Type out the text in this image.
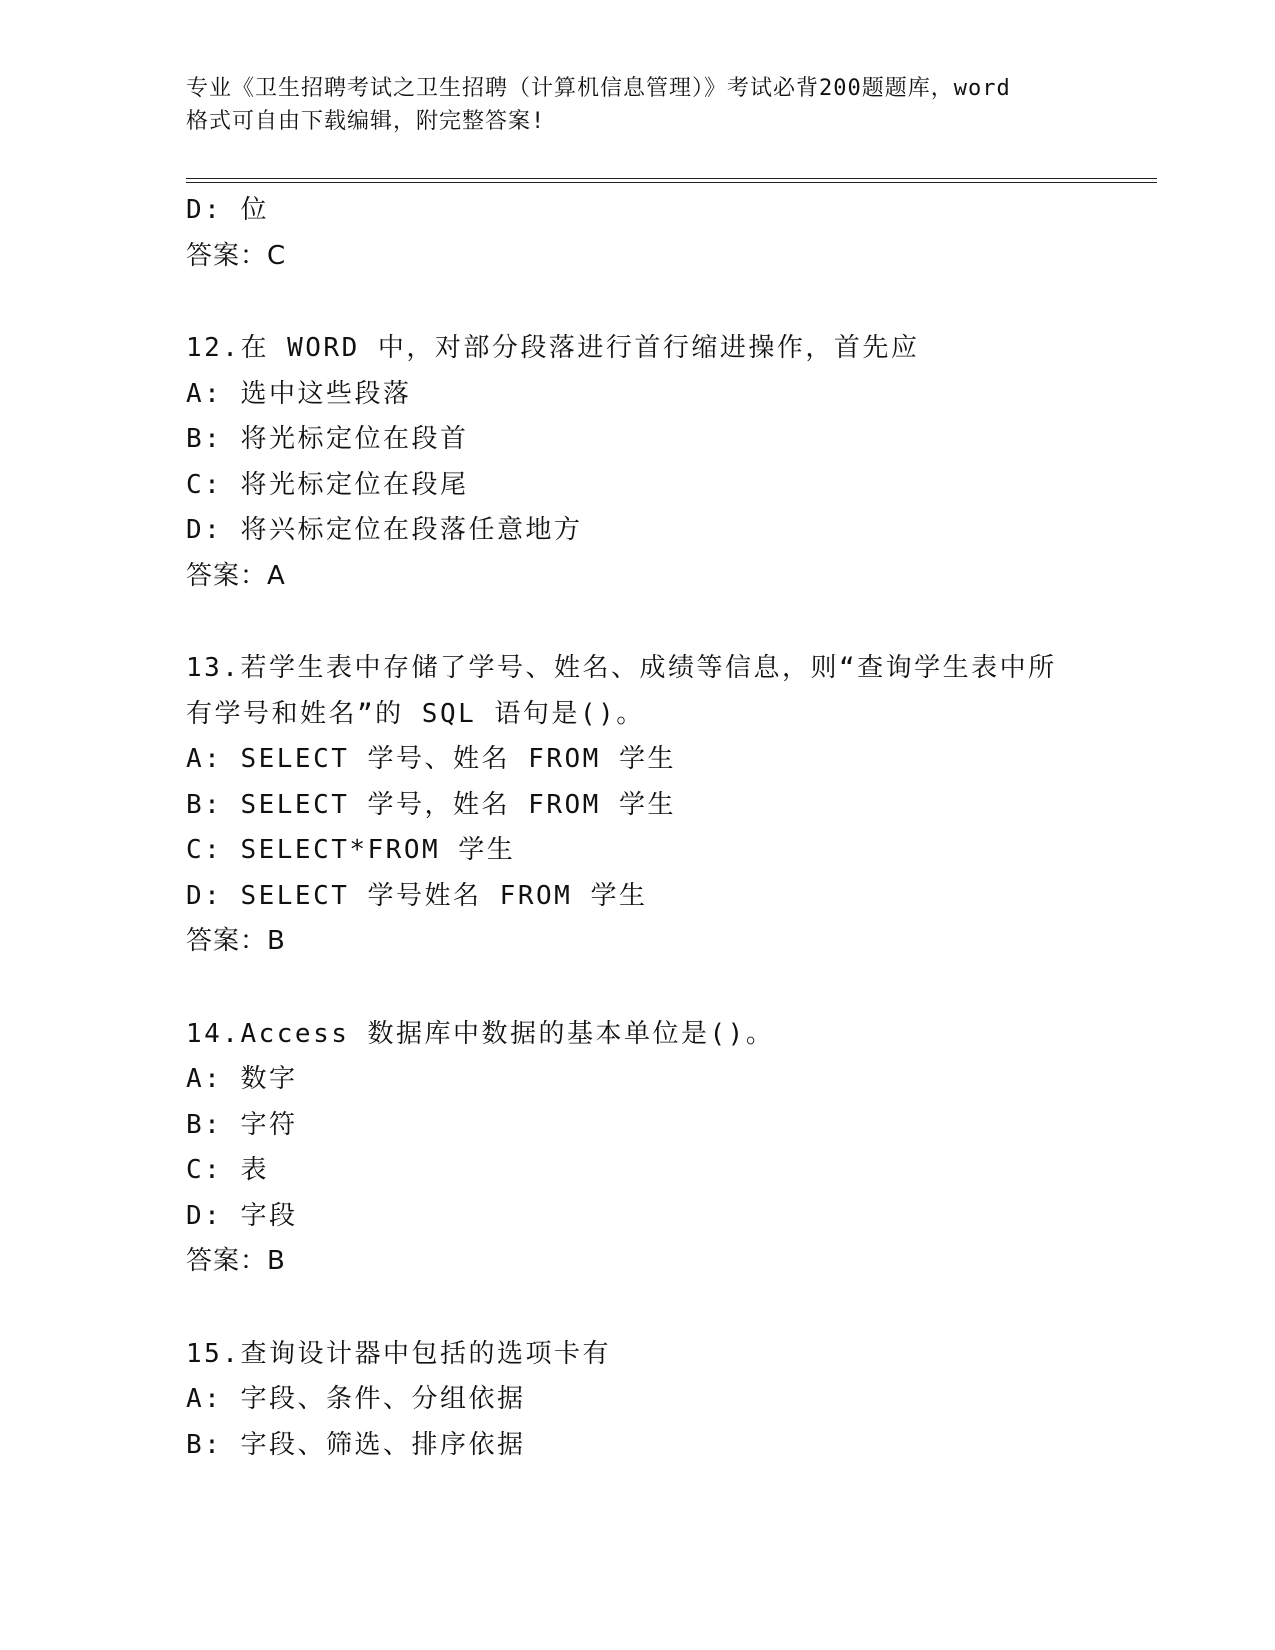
专业《卫生招聘考试之卫生招聘（计算机信息管理）》考试必背200题题库，word
格式可自由下载编辑，附完整答案!
D: 位
答案：C
12.在 WORD 中，对部分段落进行首行缩进操作，首先应
A: 选中这些段落
B: 将光标定位在段首
C: 将光标定位在段尾
D: 将兴标定位在段落任意地方
答案：A
13.若学生表中存储了学号、姓名、成绩等信息，则“查询学生表中所
有学号和姓名”的 SQL 语句是()。
A: SELECT 学号、姓名 FROM 学生
B: SELECT 学号，姓名 FROM 学生
C: SELECT*FROM 学生
D: SELECT 学号姓名 FROM 学生
答案：B
14.Access 数据库中数据的基本单位是()。
A: 数字
B: 字符
C: 表
D: 字段
答案：B
15.查询设计器中包括的选项卡有
A: 字段、条件、分组依据
B: 字段、筛选、排序依据
